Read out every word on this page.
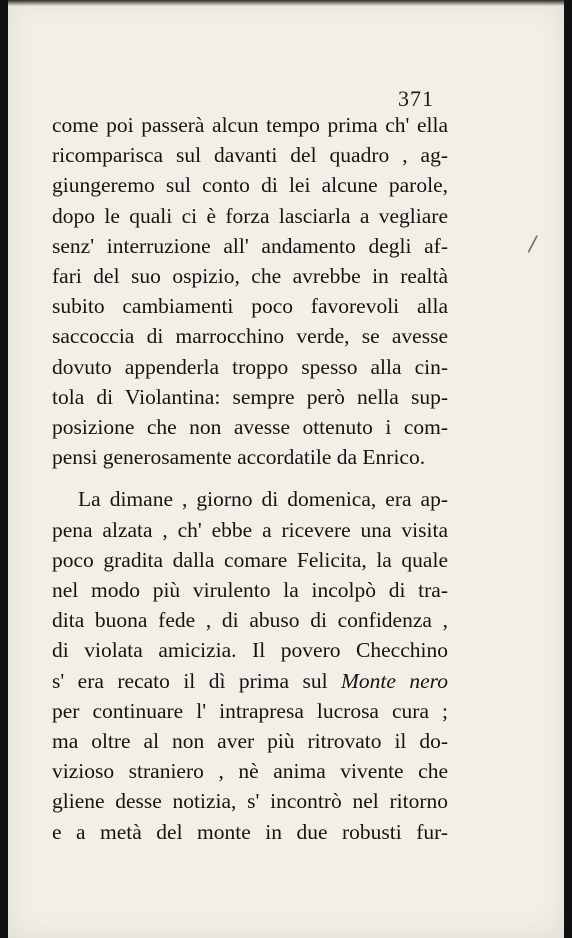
371
/
come poi passerà alcun tempo prima ch' ella
ricomparisca sul davanti del quadro , ag-
giungeremo sul conto di lei alcune parole,
dopo le quali ci è forza lasciarla a vegliare
senz' interruzione all' andamento degli af-
fari del suo ospizio, che avrebbe in realtà
subito cambiamenti poco favorevoli alla
saccoccia di marrocchino verde, se avesse
dovuto appenderla troppo spesso alla cin-
tola di Violantina: sempre però nella sup-
posizione che non avesse ottenuto i com-
pensi generosamente accordatile da Enrico.
La dimane , giorno di domenica, era ap-
pena alzata , ch' ebbe a ricevere una visita
poco gradita dalla comare Felicita, la quale
nel modo più virulento la incolpò di tra-
dita buona fede , di abuso di confidenza ,
di violata amicizia. Il povero Checchino
s' era recato il dì prima sul Monte nero
per continuare l' intrapresa lucrosa cura ;
ma oltre al non aver più ritrovato il do-
vizioso straniero , nè anima vivente che
gliene desse notizia, s' incontrò nel ritorno
e a metà del monte in due robusti fur-
